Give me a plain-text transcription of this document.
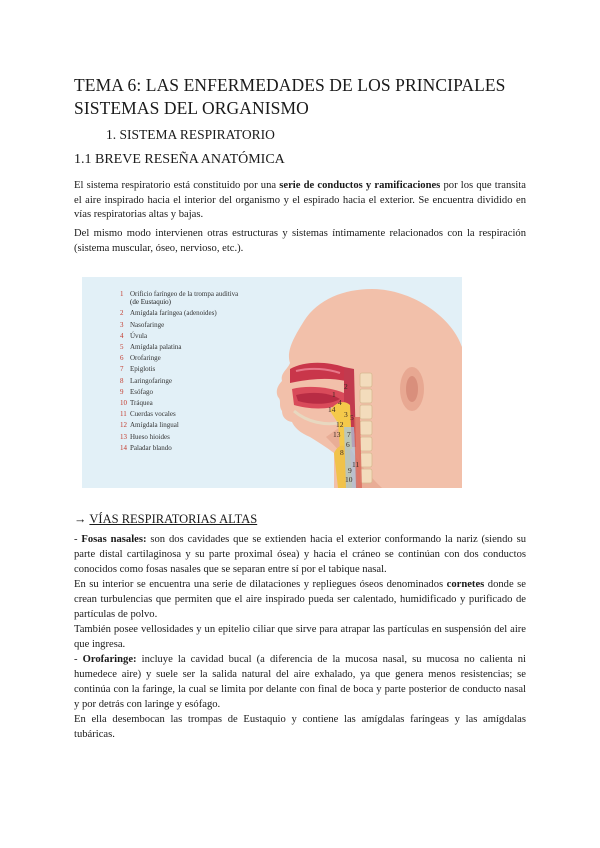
TEMA 6: LAS ENFERMEDADES DE LOS PRINCIPALES SISTEMAS DEL ORGANISMO
1. SISTEMA RESPIRATORIO
1.1 BREVE RESEÑA ANATÓMICA
El sistema respiratorio está constituido por una serie de conductos y ramificaciones por los que transita el aire inspirado hacia el interior del organismo y el espirado hacia el exterior. Se encuentra dividido en vías respiratorias altas y bajas.
Del mismo modo intervienen otras estructuras y sistemas íntimamente relacionados con la respiración (sistema muscular, óseo, nervioso, etc.).
1 Orificio faríngeo de la trompa auditiva
(de Eustaquio)
2 Amígdala faríngea (adenoides)
3 Nasofaringe
4 Úvula
5 Amígdala palatina
6 Orofaringe
7 Epiglotis
8 Laringofaringe
9 Esófago
10 Tráquea
11 Cuerdas vocales
12 Amígdala lingual
13 Hueso hioides
14 Paladar blando
2
1
14
4
3
12
5
13 7
6
8
11
9
10
→ VÍAS RESPIRATORIAS ALTAS

- Fosas nasales: son dos cavidades que se extienden hacia el exterior conformando la nariz (siendo su parte distal cartilaginosa y su parte proximal ósea) y hacia el cráneo se continúan con dos conductos conocidos como fosas nasales que se separan entre sí por el tabique nasal.

En su interior se encuentra una serie de dilataciones y repliegues óseos denominados cornetes donde se crean turbulencias que permiten que el aire inspirado pueda ser calentado, humidificado y purificado de partículas de polvo.

También posee vellosidades y un epitelio ciliar que sirve para atrapar las partículas en suspensión del aire que ingresa.

- Orofaringe: incluye la cavidad bucal (a diferencia de la mucosa nasal, su mucosa no calienta ni humedece aire) y suele ser la salida natural del aire exhalado, ya que genera menos resistencias; se continúa con la faringe, la cual se limita por delante con final de boca y parte posterior de conducto nasal y por detrás con laringe y esófago.

En ella desembocan las trompas de Eustaquio y contiene las amígdalas faríngeas y las amígdalas tubáricas.
